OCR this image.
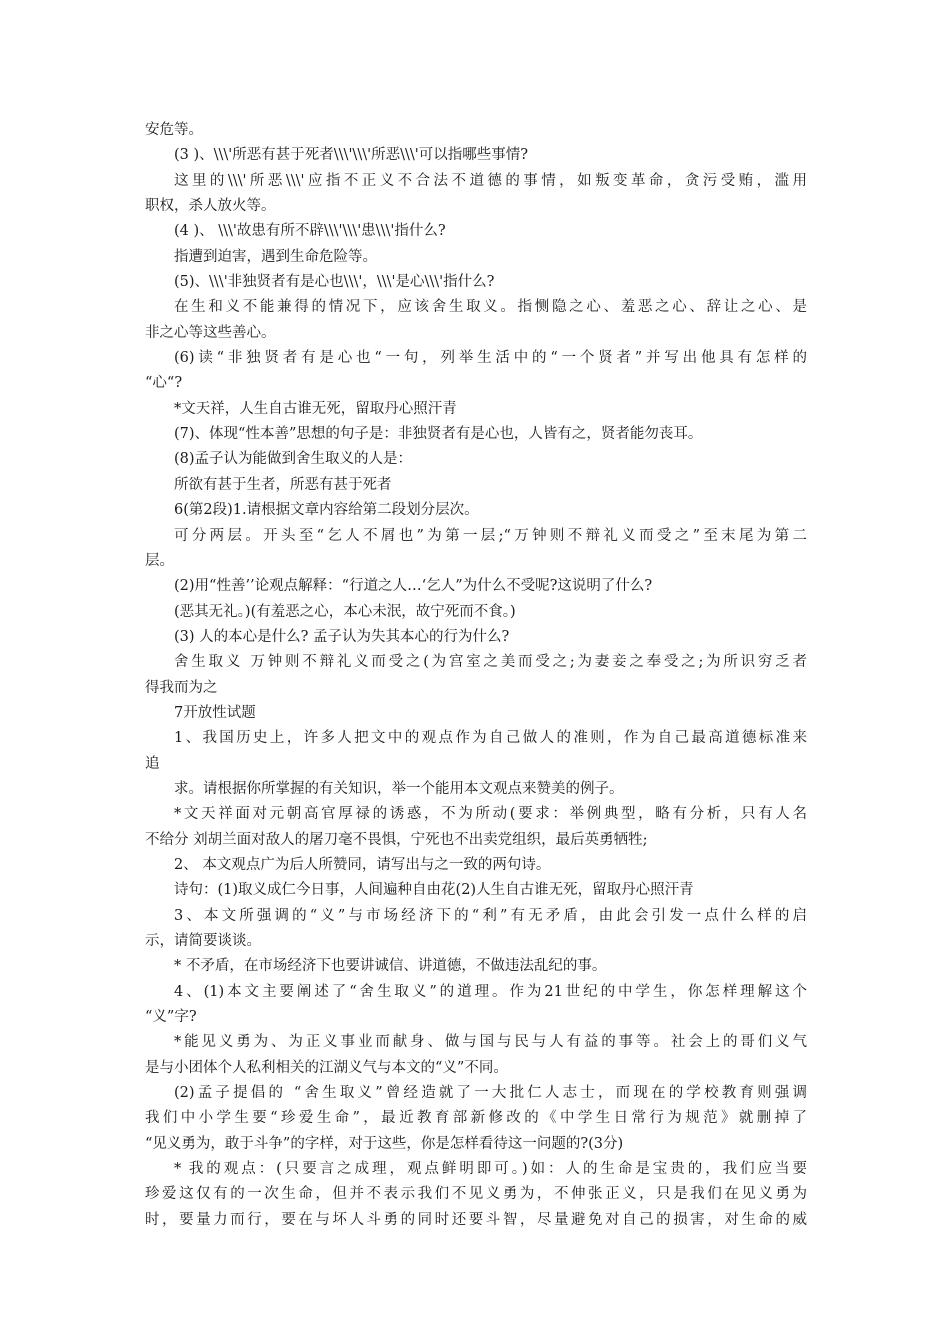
安危等。
(3 )、\\\'所恶有甚于死者\\\'\\\'所恶\\\'可以指哪些事情?
这里的\\\'所恶\\\'应指不正义不合法不道德的事情，如叛变革命，贪污受贿，滥用
职权，杀人放火等。
(4 )、 \\\'故患有所不辟\\\'\\\'患\\\'指什么?
指遭到迫害，遇到生命危险等。
(5)、\\\'非独贤者有是心也\\\'，\\\'是心\\\'指什么?
在生和义不能兼得的情况下，应该舍生取义。指恻隐之心、羞恶之心、辞让之心、是
非之心等这些善心。
(6)读“非独贤者有是心也“一句，列举生活中的“一个贤者”并写出他具有怎样的
“心“?
*文天祥，人生自古谁无死，留取丹心照汗青
(7)、体现“性本善”思想的句子是：非独贤者有是心也，人皆有之，贤者能勿丧耳。
(8)孟子认为能做到舍生取义的人是：
所欲有甚于生者，所恶有甚于死者
6(第2段)1.请根据文章内容给第二段划分层次。
可分两层。开头至“乞人不屑也”为第一层;“万钟则不辩礼义而受之”至末尾为第二
层。
(2)用“性善’’论观点解释：“行道之人…‘乞人”为什么不受呢?这说明了什么?
(恶其无礼。)(有羞恶之心，本心未泯，故宁死而不食。)
(3) 人的本心是什么? 孟子认为失其本心的行为什么?
舍生取义 万钟则不辩礼义而受之(为宫室之美而受之;为妻妾之奉受之;为所识穷乏者
得我而为之
7开放性试题
1、我国历史上，许多人把文中的观点作为自己做人的准则，作为自己最高道德标准来
追
求。请根据你所掌握的有关知识，举一个能用本文观点来赞美的例子。
*文天祥面对元朝高官厚禄的诱惑，不为所动(要求：举例典型，略有分析，只有人名
不给分 刘胡兰面对敌人的屠刀毫不畏惧，宁死也不出卖党组织，最后英勇牺牲;
2、 本文观点广为后人所赞同，请写出与之一致的两句诗。
诗句：(1)取义成仁今日事，人间遍种自由花(2)人生自古谁无死，留取丹心照汗青
3、本文所强调的“义”与市场经济下的“利”有无矛盾，由此会引发一点什么样的启
示，请简要谈谈。
* 不矛盾，在市场经济下也要讲诚信、讲道德，不做违法乱纪的事。
4、(1)本文主要阐述了“舍生取义”的道理。作为21世纪的中学生，你怎样理解这个
“义”字?
*能见义勇为、为正义事业而献身、做与国与民与人有益的事等。社会上的哥们义气
是与小团体个人私利相关的江湖义气与本文的“义”不同。
(2)孟子提倡的 “舍生取义”曾经造就了一大批仁人志士，而现在的学校教育则强调
我们中小学生要“珍爱生命”，最近教育部新修改的《中学生日常行为规范》就删掉了
“见义勇为，敢于斗争”的字样，对于这些，你是怎样看待这一问题的?(3分)
* 我的观点：(只要言之成理，观点鲜明即可。)如：人的生命是宝贵的，我们应当要
珍爱这仅有的一次生命，但并不表示我们不见义勇为，不伸张正义，只是我们在见义勇为
时，要量力而行，要在与坏人斗勇的同时还要斗智，尽量避免对自己的损害，对生命的威
